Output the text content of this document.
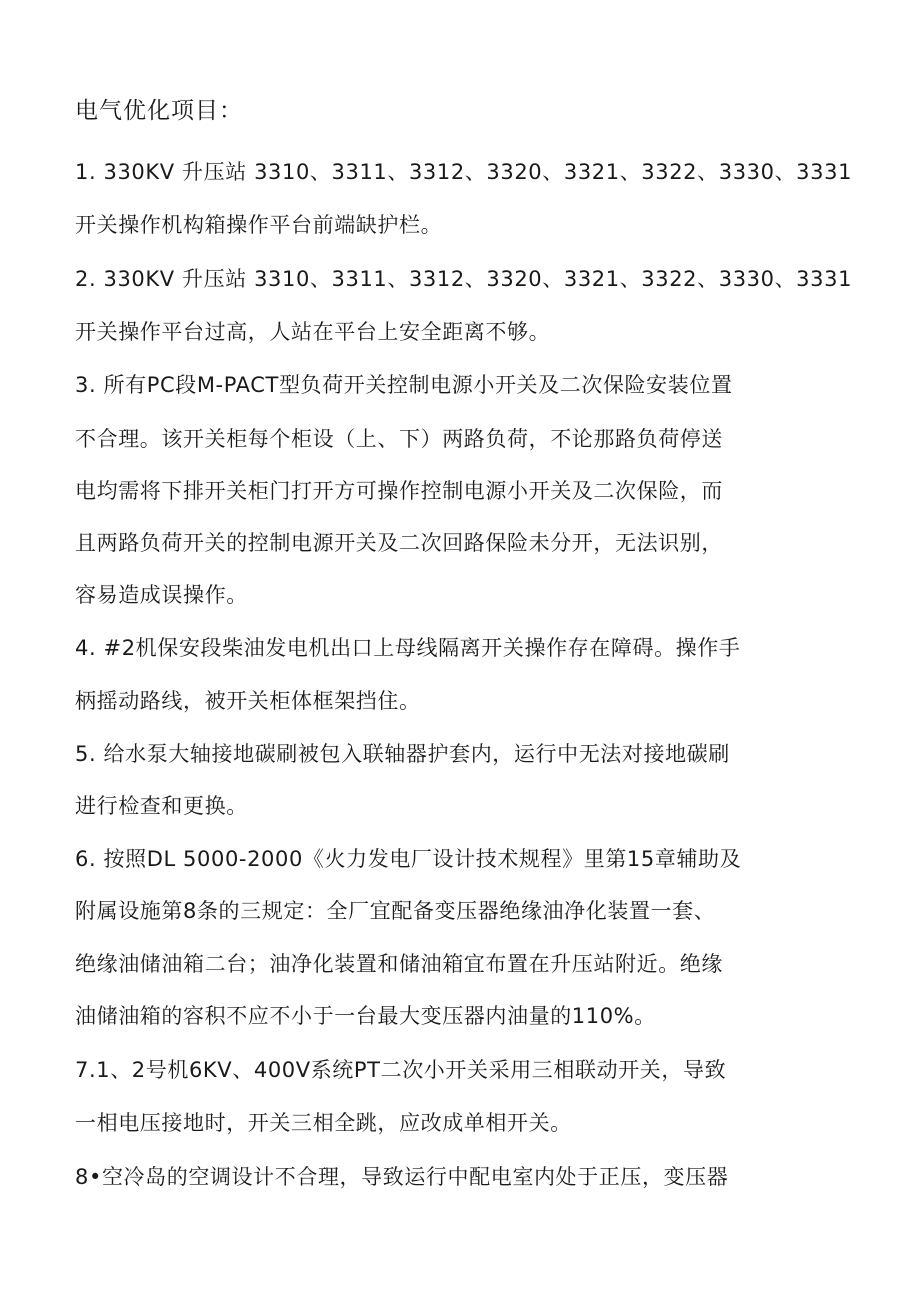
电气优化项目：
1. 330KV 升压站 3310、3311、3312、3320、3321、3322、3330、3331
开关操作机构箱操作平台前端缺护栏。
2. 330KV 升压站 3310、3311、3312、3320、3321、3322、3330、3331
开关操作平台过高，人站在平台上安全距离不够。
3. 所有PC段M-PACT型负荷开关控制电源小开关及二次保险安装位置
不合理。该开关柜每个柜设（上、下）两路负荷，不论那路负荷停送
电均需将下排开关柜门打开方可操作控制电源小开关及二次保险，而
且两路负荷开关的控制电源开关及二次回路保险未分开，无法识别，
容易造成误操作。
4. #2机保安段柴油发电机出口上母线隔离开关操作存在障碍。操作手
柄摇动路线，被开关柜体框架挡住。
5. 给水泵大轴接地碳刷被包入联轴器护套内，运行中无法对接地碳刷
进行检查和更换。
6. 按照DL 5000-2000《火力发电厂设计技术规程》里第15章辅助及
附属设施第8条的三规定：全厂宜配备变压器绝缘油净化装置一套、
绝缘油储油箱二台；油净化装置和储油箱宜布置在升压站附近。绝缘
油储油箱的容积不应不小于一台最大变压器内油量的110%。
7.1、2号机6KV、400V系统PT二次小开关采用三相联动开关，导致
一相电压接地时，开关三相全跳，应改成单相开关。
8•空冷岛的空调设计不合理，导致运行中配电室内处于正压，变压器
